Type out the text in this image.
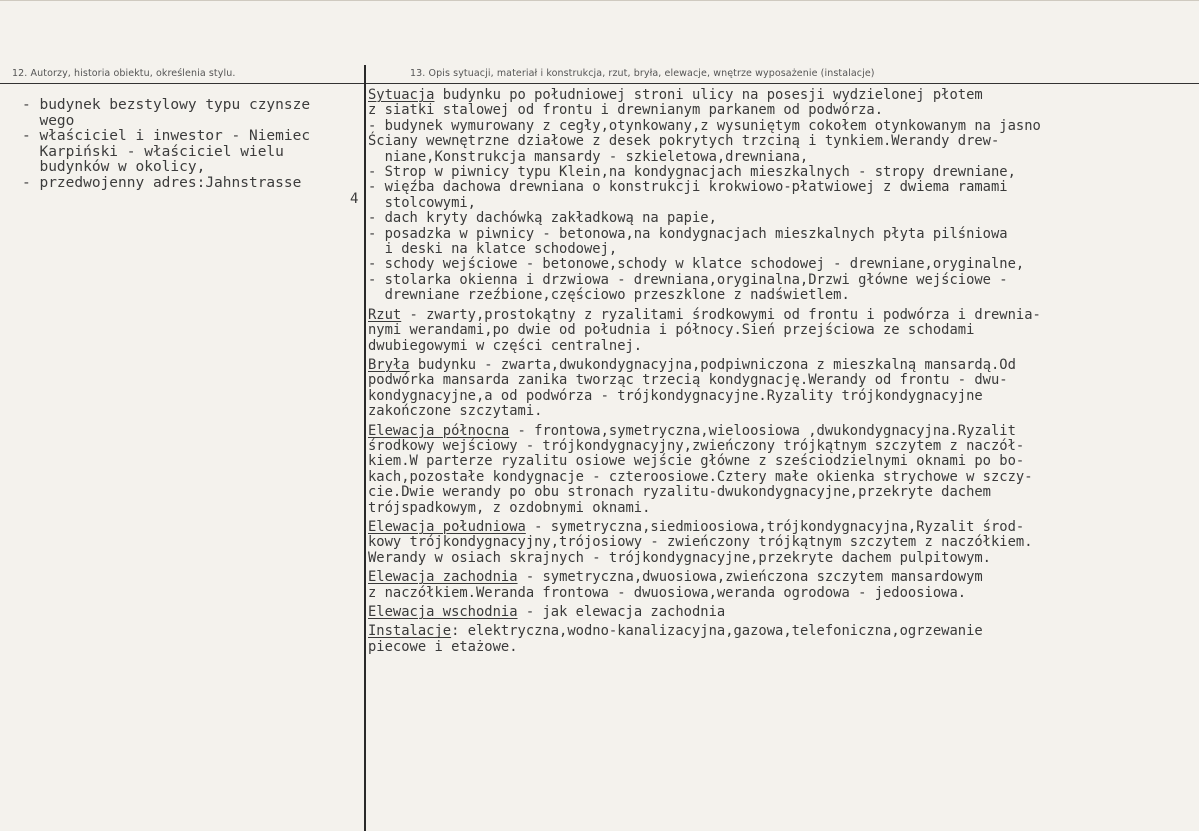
12. Autorzy, historia obiektu, określenia stylu.	13. Opis sytuacji, materiał i konstrukcja, rzut, bryła, elewacje, wnętrze wyposażenie (instalacje)
- budynek bezstylowy typu czynsze
wego
- właściciel i inwestor - Niemiec
Karpiński - właściciel wielu
budynków w okolicy,
- przedwojenny adres:Jahnstrasse
4
Sytuacja budynku po południowej stroni ulicy na posesji wydzielonej płotem
z siatki stalowej od frontu i drewnianym parkanem od podwórza.
- budynek wymurowany z cegły,otynkowany,z wysuniętym cokołem otynkowanym na jasno
Ściany wewnętrzne działowe z desek pokrytych trzciną i tynkiem.Werandy drew-
niane,Konstrukcja mansardy - szkieletowa,drewniana,
- Strop w piwnicy typu Klein,na kondygnacjach mieszkalnych - stropy drewniane,
- więźba dachowa drewniana o konstrukcji krokwiowo-płatwiowej z dwiema ramami
stolcowymi,
- dach kryty dachówką zakładkową na papie,
- posadzka w piwnicy - betonowa,na kondygnacjach mieszkalnych płyta pilśniowa
i deski na klatce schodowej,
- schody wejściowe - betonowe,schody w klatce schodowej - drewniane,oryginalne,
- stolarka okienna i drzwiowa - drewniana,oryginalna,Drzwi główne wejściowe -
drewniane rzeźbione,częściowo przeszklone z nadświetlem.
Rzut - zwarty,prostokątny z ryzalitami środkowymi od frontu i podwórza i drewnia-
nymi werandami,po dwie od południa i północy.Sień przejściowa ze schodami
dwubiegowymi w części centralnej.
Bryła budynku - zwarta,dwukondygnacyjna,podpiwniczona z mieszkalną mansardą.Od
podwórka mansarda zanika tworząc trzecią kondygnację.Werandy od frontu - dwu-
kondygnacyjne,a od podwórza - trójkondygnacyjne.Ryzality trójkondygnacyjne
zakończone szczytami.
Elewacja północna - frontowa,symetryczna,wieloosiowa ,dwukondygnacyjna.Ryzalit
środkowy wejściowy - trójkondygnacyjny,zwieńczony trójkątnym szczytem z naczół-
kiem.W parterze ryzalitu osiowe wejście główne z sześciodzielnymi oknami po bo-
kach,pozostałe kondygnacje - czteroosiowe.Cztery małe okienka strychowe w szczy-
cie.Dwie werandy po obu stronach ryzalitu-dwukondygnacyjne,przekryte dachem
trójspadkowym, z ozdobnymi oknami.
Elewacja południowa - symetryczna,siedmioosiowa,trójkondygnacyjna,Ryzalit środ-
kowy trójkondygnacyjny,trójosiowy - zwieńczony trójkątnym szczytem z naczółkiem.
Werandy w osiach skrajnych - trójkondygnacyjne,przekryte dachem pulpitowym.
Elewacja zachodnia - symetryczna,dwuosiowa,zwieńczona szczytem mansardowym
z naczółkiem.Weranda frontowa - dwuosiowa,weranda ogrodowa - jedoosiowa.
Elewacja wschodnia - jak elewacja zachodnia
Instalacje: elektryczna,wodno-kanalizacyjna,gazowa,telefoniczna,ogrzewanie
piecowe i etażowe.
